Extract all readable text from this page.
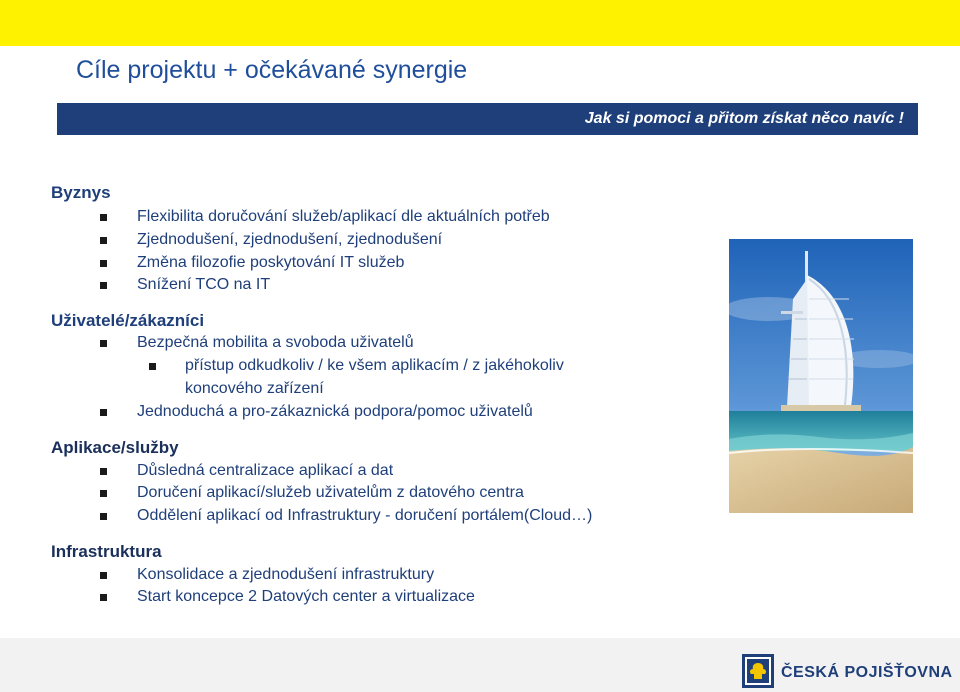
Cíle projektu + očekávané synergie
Jak si pomoci a přitom získat něco navíc !
Byznys
Flexibilita doručování služeb/aplikací dle aktuálních potřeb
Zjednodušení, zjednodušení, zjednodušení
Změna filozofie poskytování IT služeb
Snížení TCO na IT
Uživatelé/zákazníci
Bezpečná mobilita a svoboda uživatelů
přístup odkudkoliv / ke všem aplikacím / z jakéhokoliv
koncového zařízení
Jednoduchá a pro-zákaznická podpora/pomoc uživatelů
Aplikace/služby
Důsledná centralizace aplikací a dat
Doručení aplikací/služeb uživatelům z datového centra
Oddělení aplikací od Infrastruktury - doručení portálem(Cloud…)
Infrastruktura
Konsolidace a zjednodušení infrastruktury
Start koncepce 2 Datových center a virtualizace
ČESKÁ POJIŠŤOVNA
